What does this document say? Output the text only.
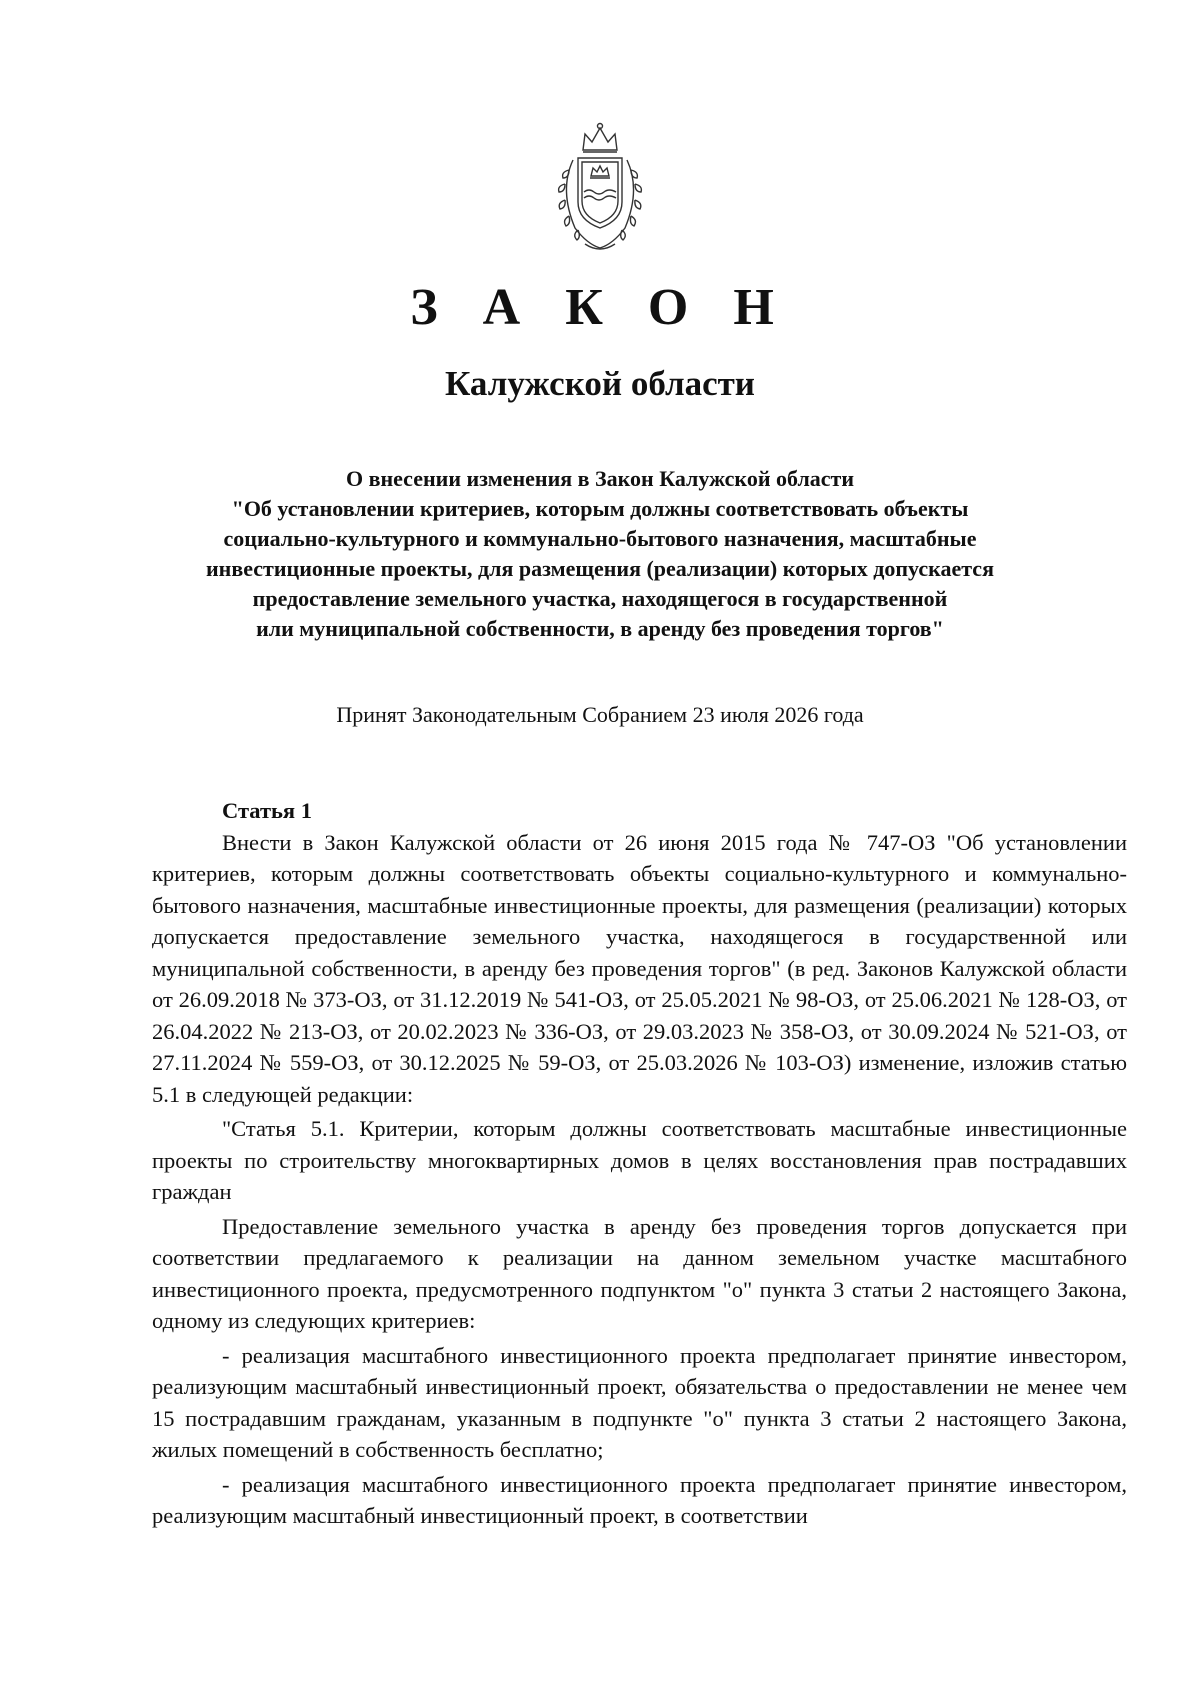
З А К О Н
Калужской области
О внесении изменения в Закон Калужской области
"Об установлении критериев, которым должны соответствовать объекты
социально-культурного и коммунально-бытового назначения, масштабные
инвестиционные проекты, для размещения (реализации) которых допускается
предоставление земельного участка, находящегося в государственной
или муниципальной собственности, в аренду без проведения торгов"
Принят Законодательным Собранием 23 июля 2026 года

Статья 1

Внести в Закон Калужской области от 26 июня 2015 года № 747-ОЗ "Об установлении критериев, которым должны соответствовать объекты социально-культурного и коммунально-бытового назначения, масштабные инвестиционные проекты, для размещения (реализации) которых допускается предоставление земельного участка, находящегося в государственной или муниципальной собственности, в аренду без проведения торгов" (в ред. Законов Калужской области от 26.09.2018 № 373-ОЗ, от 31.12.2019 № 541-ОЗ, от 25.05.2021 № 98-ОЗ, от 25.06.2021 № 128-ОЗ, от 26.04.2022 № 213-ОЗ, от 20.02.2023 № 336-ОЗ, от 29.03.2023 № 358-ОЗ, от 30.09.2024 № 521-ОЗ, от 27.11.2024 № 559-ОЗ, от 30.12.2025 № 59-ОЗ, от 25.03.2026 № 103-ОЗ) изменение, изложив статью 5.1 в следующей редакции:

"Статья 5.1. Критерии, которым должны соответствовать масштабные инвестиционные проекты по строительству многоквартирных домов в целях восстановления прав пострадавших граждан

Предоставление земельного участка в аренду без проведения торгов допускается при соответствии предлагаемого к реализации на данном земельном участке масштабного инвестиционного проекта, предусмотренного подпунктом "о" пункта 3 статьи 2 настоящего Закона, одному из следующих критериев:

- реализация масштабного инвестиционного проекта предполагает принятие инвестором, реализующим масштабный инвестиционный проект, обязательства о предоставлении не менее чем 15 пострадавшим гражданам, указанным в подпункте "о" пункта 3 статьи 2 настоящего Закона, жилых помещений в собственность бесплатно;

- реализация масштабного инвестиционного проекта предполагает принятие инвестором, реализующим масштабный инвестиционный проект, в соответствии
